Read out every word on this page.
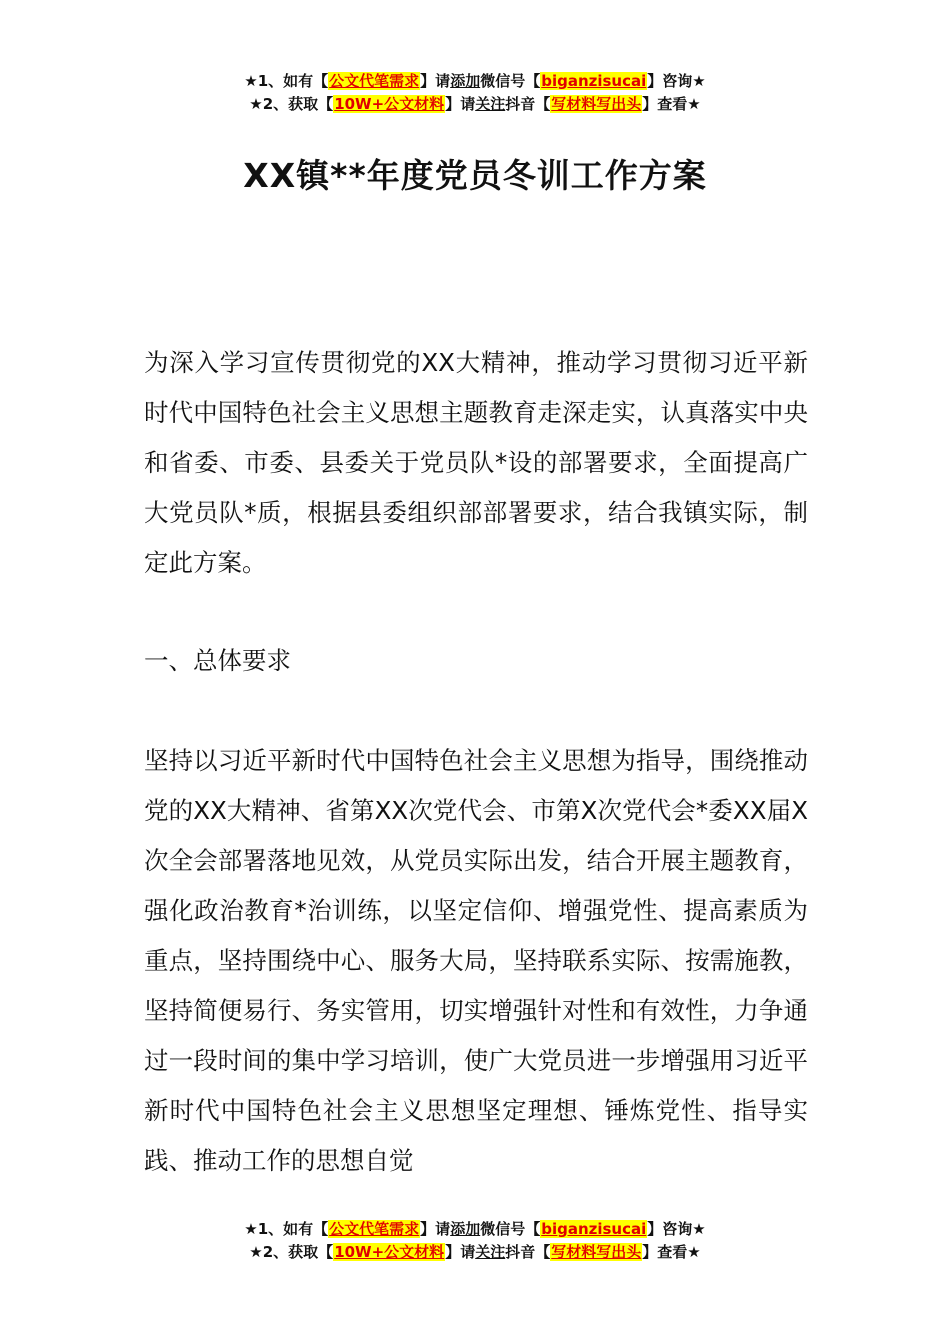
★1、如有【公文代笔需求】请添加微信号【biganzisucai】咨询★
★2、获取【10W+公文材料】请关注抖音【写材料写出头】查看★
XX镇**年度党员冬训工作方案
为深入学习宣传贯彻党的XX大精神，推动学习贯彻习近平新时代中国特色社会主义思想主题教育走深走实，认真落实中央和省委、市委、县委关于党员队*设的部署要求，全面提高广大党员队*质，根据县委组织部部署要求，结合我镇实际，制定此方案。
一、总体要求
坚持以习近平新时代中国特色社会主义思想为指导，围绕推动党的XX大精神、省第XX次党代会、市第X次党代会*委XX届X次全会部署落地见效，从党员实际出发，结合开展主题教育，强化政治教育*治训练，以坚定信仰、增强党性、提高素质为重点，坚持围绕中心、服务大局，坚持联系实际、按需施教，坚持简便易行、务实管用，切实增强针对性和有效性，力争通过一段时间的集中学习培训，使广大党员进一步增强用习近平新时代中国特色社会主义思想坚定理想、锤炼党性、指导实践、推动工作的思想自觉
★1、如有【公文代笔需求】请添加微信号【biganzisucai】咨询★
★2、获取【10W+公文材料】请关注抖音【写材料写出头】查看★
